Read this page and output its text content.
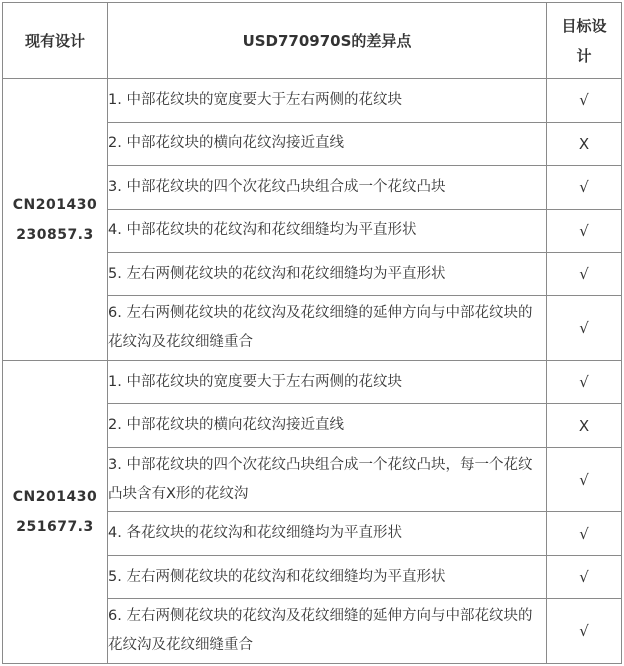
现有设计	USD770970S的差异点	目标设
计

CN201430
230857.3	1. 中部花纹块的宽度要大于左右两侧的花纹块	√
	2. 中部花纹块的横向花纹沟接近直线	X
	3. 中部花纹块的四个次花纹凸块组合成一个花纹凸块	√
	4. 中部花纹块的花纹沟和花纹细缝均为平直形状	√
	5. 左右两侧花纹块的花纹沟和花纹细缝均为平直形状	√
	6. 左右两侧花纹块的花纹沟及花纹细缝的延伸方向与中部花纹块的花纹沟及花纹细缝重合	√

CN201430
251677.3	1. 中部花纹块的宽度要大于左右两侧的花纹块	√
	2. 中部花纹块的横向花纹沟接近直线	X
	3. 中部花纹块的四个次花纹凸块组合成一个花纹凸块，每一个花纹凸块含有X形的花纹沟	√
	4. 各花纹块的花纹沟和花纹细缝均为平直形状	√
	5. 左右两侧花纹块的花纹沟和花纹细缝均为平直形状	√
	6. 左右两侧花纹块的花纹沟及花纹细缝的延伸方向与中部花纹块的花纹沟及花纹细缝重合	√
